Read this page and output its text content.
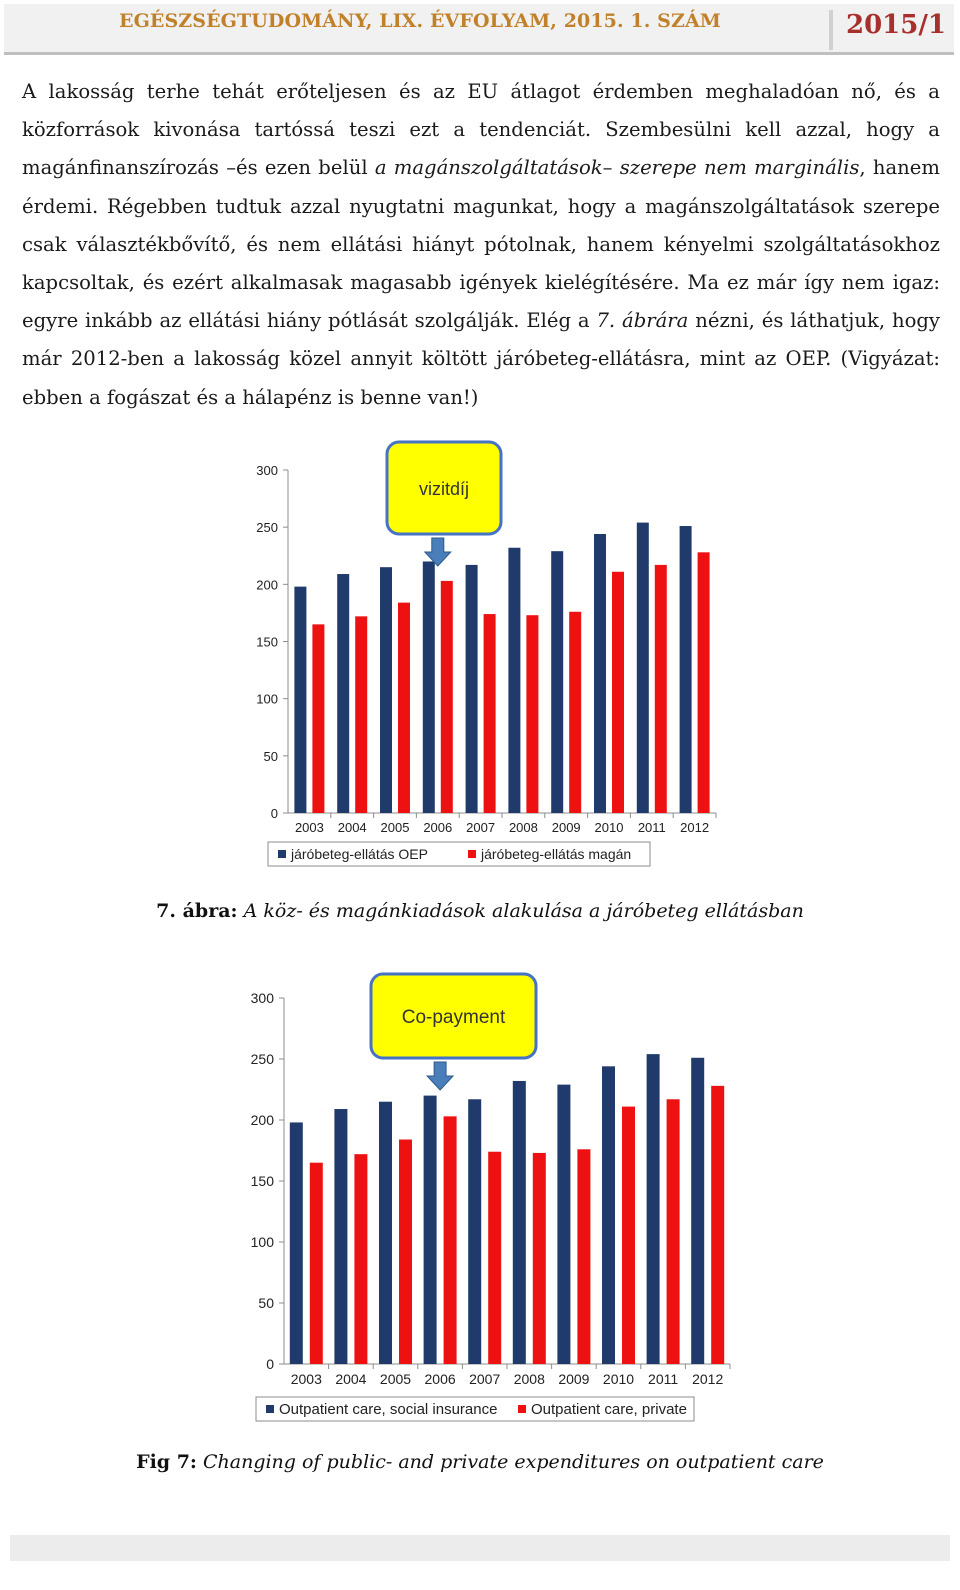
EGÉSZSÉGTUDOMÁNY, LIX. ÉVFOLYAM, 2015. 1. SZÁM	2015/1

A lakosság terhe tehát erőteljesen és az EU átlagot érdemben meghaladóan nő, és a közforrások kivonása tartóssá teszi ezt a tendenciát. Szembesülni kell azzal, hogy a magánfinanszírozás –és ezen belül a magánszolgáltatások– szerepe nem marginális, hanem érdemi. Régebben tudtuk azzal nyugtatni magunkat, hogy a magánszolgáltatások szerepe csak választékbővítő, és nem ellátási hiányt pótolnak, hanem kényelmi szolgáltatásokhoz kapcsoltak, és ezért alkalmasak magasabb igények kielégítésére. Ma ez már így nem igaz: egyre inkább az ellátási hiány pótlását szolgálják. Elég a 7. ábrára nézni, és láthatjuk, hogy már 2012-ben a lakosság közel annyit költött járóbeteg-ellátásra, mint az OEP. (Vigyázat: ebben a fogászat és a hálapénz is benne van!)

0
50
100
150
200
250
300
2003 2004 2005 2006 2007 2008 2009 2010 2011 2012
vizitdíj
járóbeteg-ellátás OEP	járóbeteg-ellátás magán
7. ábra: A köz- és magánkiadások alakulása a járóbeteg ellátásban
0
50
100
150
200
250
300
2003 2004 2005 2006 2007 2008 2009 2010 2011 2012
Co-payment
Outpatient care, social insurance Outpatient care, private
Fig 7: Changing of public- and private expenditures on outpatient care
